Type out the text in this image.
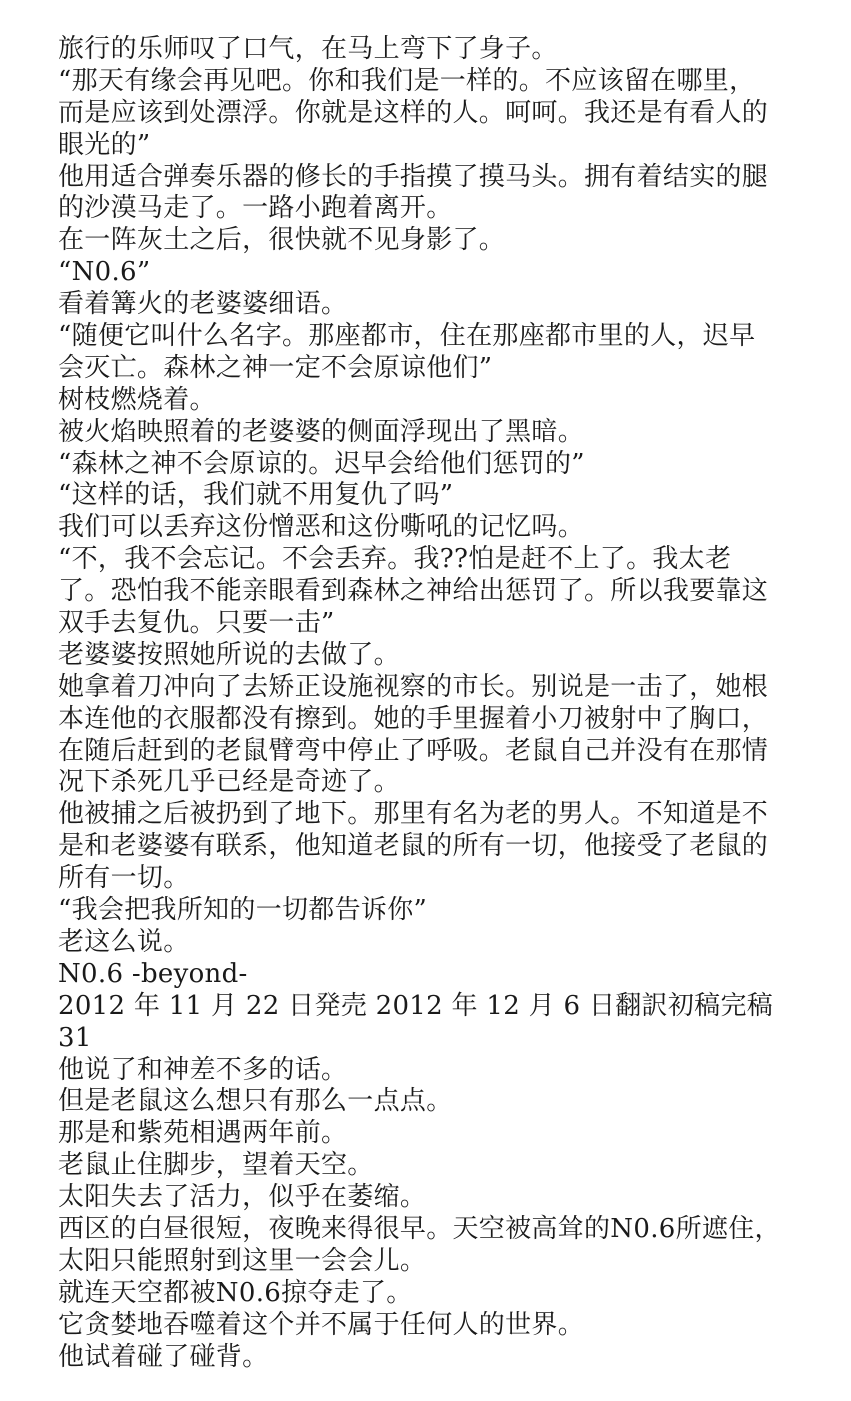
旅行的乐师叹了口气，在马上弯下了身子。
“那天有缘会再见吧。你和我们是一样的。不应该留在哪里，
而是应该到处漂浮。你就是这样的人。呵呵。我还是有看人的
眼光的”
他用适合弹奏乐器的修长的手指摸了摸马头。拥有着结实的腿
的沙漠马走了。一路小跑着离开。
在一阵灰土之后，很快就不见身影了。
“N0.6”
看着篝火的老婆婆细语。
“随便它叫什么名字。那座都市，住在那座都市里的人，迟早
会灭亡。森林之神一定不会原谅他们”
树枝燃烧着。
被火焰映照着的老婆婆的侧面浮现出了黑暗。
“森林之神不会原谅的。迟早会给他们惩罚的”
“这样的话，我们就不用复仇了吗”
我们可以丢弃这份憎恶和这份嘶吼的记忆吗。
“不，我不会忘记。不会丢弃。我??怕是赶不上了。我太老
了。恐怕我不能亲眼看到森林之神给出惩罚了。所以我要靠这
双手去复仇。只要一击”
老婆婆按照她所说的去做了。
她拿着刀冲向了去矫正设施视察的市长。别说是一击了，她根
本连他的衣服都没有擦到。她的手里握着小刀被射中了胸口，
在随后赶到的老鼠臂弯中停止了呼吸。老鼠自己并没有在那情
况下杀死几乎已经是奇迹了。
他被捕之后被扔到了地下。那里有名为老的男人。不知道是不
是和老婆婆有联系，他知道老鼠的所有一切，他接受了老鼠的
所有一切。
“我会把我所知的一切都告诉你”
老这么说。
N0.6 -beyond-
2012 年 11 月 22 日発売 2012 年 12 月 6 日翻訳初稿完稿
31
他说了和神差不多的话。
但是老鼠这么想只有那么一点点。
那是和紫苑相遇两年前。
老鼠止住脚步，望着天空。
太阳失去了活力，似乎在萎缩。
西区的白昼很短，夜晚来得很早。天空被高耸的N0.6所遮住，
太阳只能照射到这里一会会儿。
就连天空都被N0.6掠夺走了。
它贪婪地吞噬着这个并不属于任何人的世界。
他试着碰了碰背。
